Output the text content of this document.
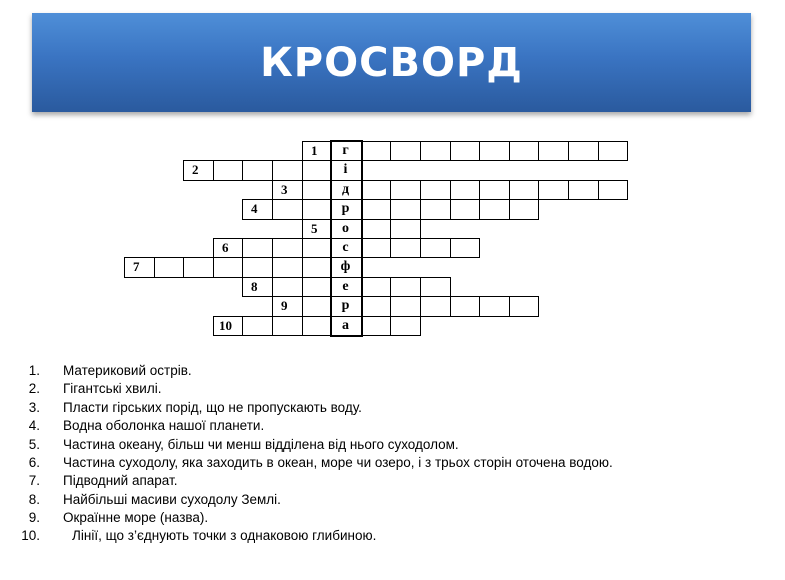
КРОСВОРД
1	г
2	і
3	д
4	р
5	о
6	с
7	ф
8	е
9	р
10	а
1. Материковий острів.
2. Гігантські хвилі.
3. Пласти гірських порід, що не пропускають воду.
4. Водна оболонка нашої планети.
5. Частина океану, більш чи менш відділена від нього суходолом.
6. Частина суходолу, яка заходить в океан, море чи озеро, і з трьох сторін оточена водою.
7. Підводний апарат.
8. Найбільші масиви суходолу Землі.
9. Окраїнне море (назва).
10. Лінії, що з’єднують точки з однаковою глибиною.
